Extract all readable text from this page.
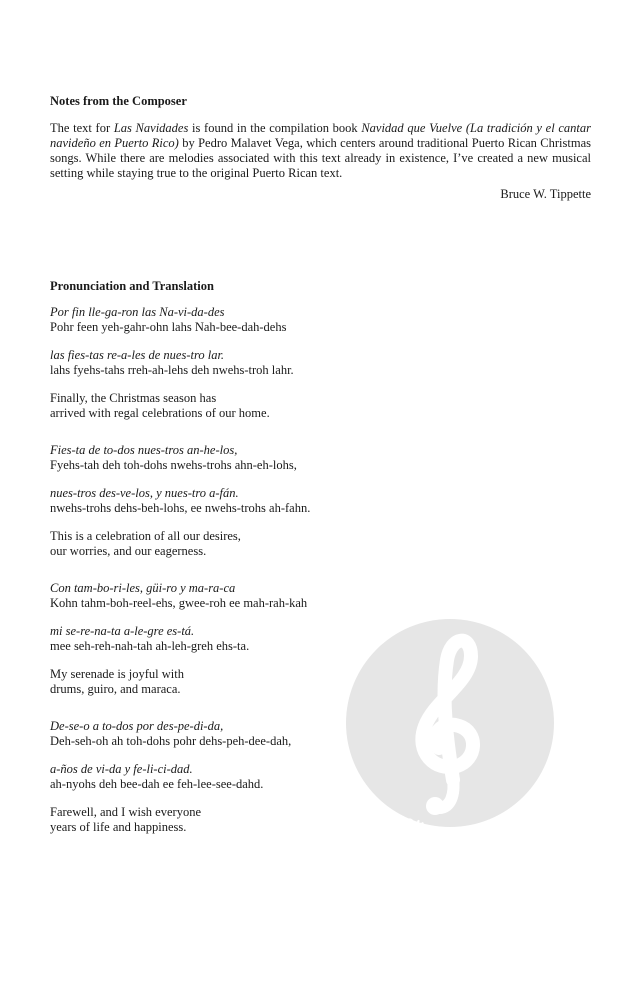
Notes from the Composer

The text for Las Navidades is found in the compilation book Navidad que Vuelve (La tradición y el cantar navideño en Puerto Rico) by Pedro Malavet Vega, which centers around traditional Puerto Rican Christmas songs. While there are melodies associated with this text already in existence, I’ve created a new musical setting while staying true to the original Puerto Rican text.

Bruce W. Tippette

Pronunciation and Translation
Por fin lle-ga-ron las Na-vi-da-des
Pohr feen yeh-gahr-ohn lahs Nah-bee-dah-dehs
las fies-tas re-a-les de nues-tro lar.
lahs fyehs-tahs rreh-ah-lehs deh nwehs-troh lahr.
Finally, the Christmas season has
arrived with regal celebrations of our home.
Fies-ta de to-dos nues-tros an-he-los,
Fyehs-tah deh toh-dohs nwehs-trohs ahn-eh-lohs,
nues-tros des-ve-los, y nues-tro a-fán.
nwehs-trohs dehs-beh-lohs, ee nwehs-trohs ah-fahn.
This is a celebration of all our desires,
our worries, and our eagerness.
Con tam-bo-ri-les, güi-ro y ma-ra-ca
Kohn tahm-boh-reel-ehs, gwee-roh ee mah-rah-kah
mi se-re-na-ta a-le-gre es-tá.
mee seh-reh-nah-tah ah-leh-greh ehs-ta.
My serenade is joyful with
drums, guiro, and maraca.
De-se-o a to-dos por des-pe-di-da,
Deh-seh-oh ah toh-dohs pohr dehs-peh-dee-dah,
a-ños de vi-da y fe-li-ci-dad.
ah-nyohs deh bee-dah ee feh-lee-see-dahd.
Farewell, and I wish everyone
years of life and happiness.	alle-noten.de
